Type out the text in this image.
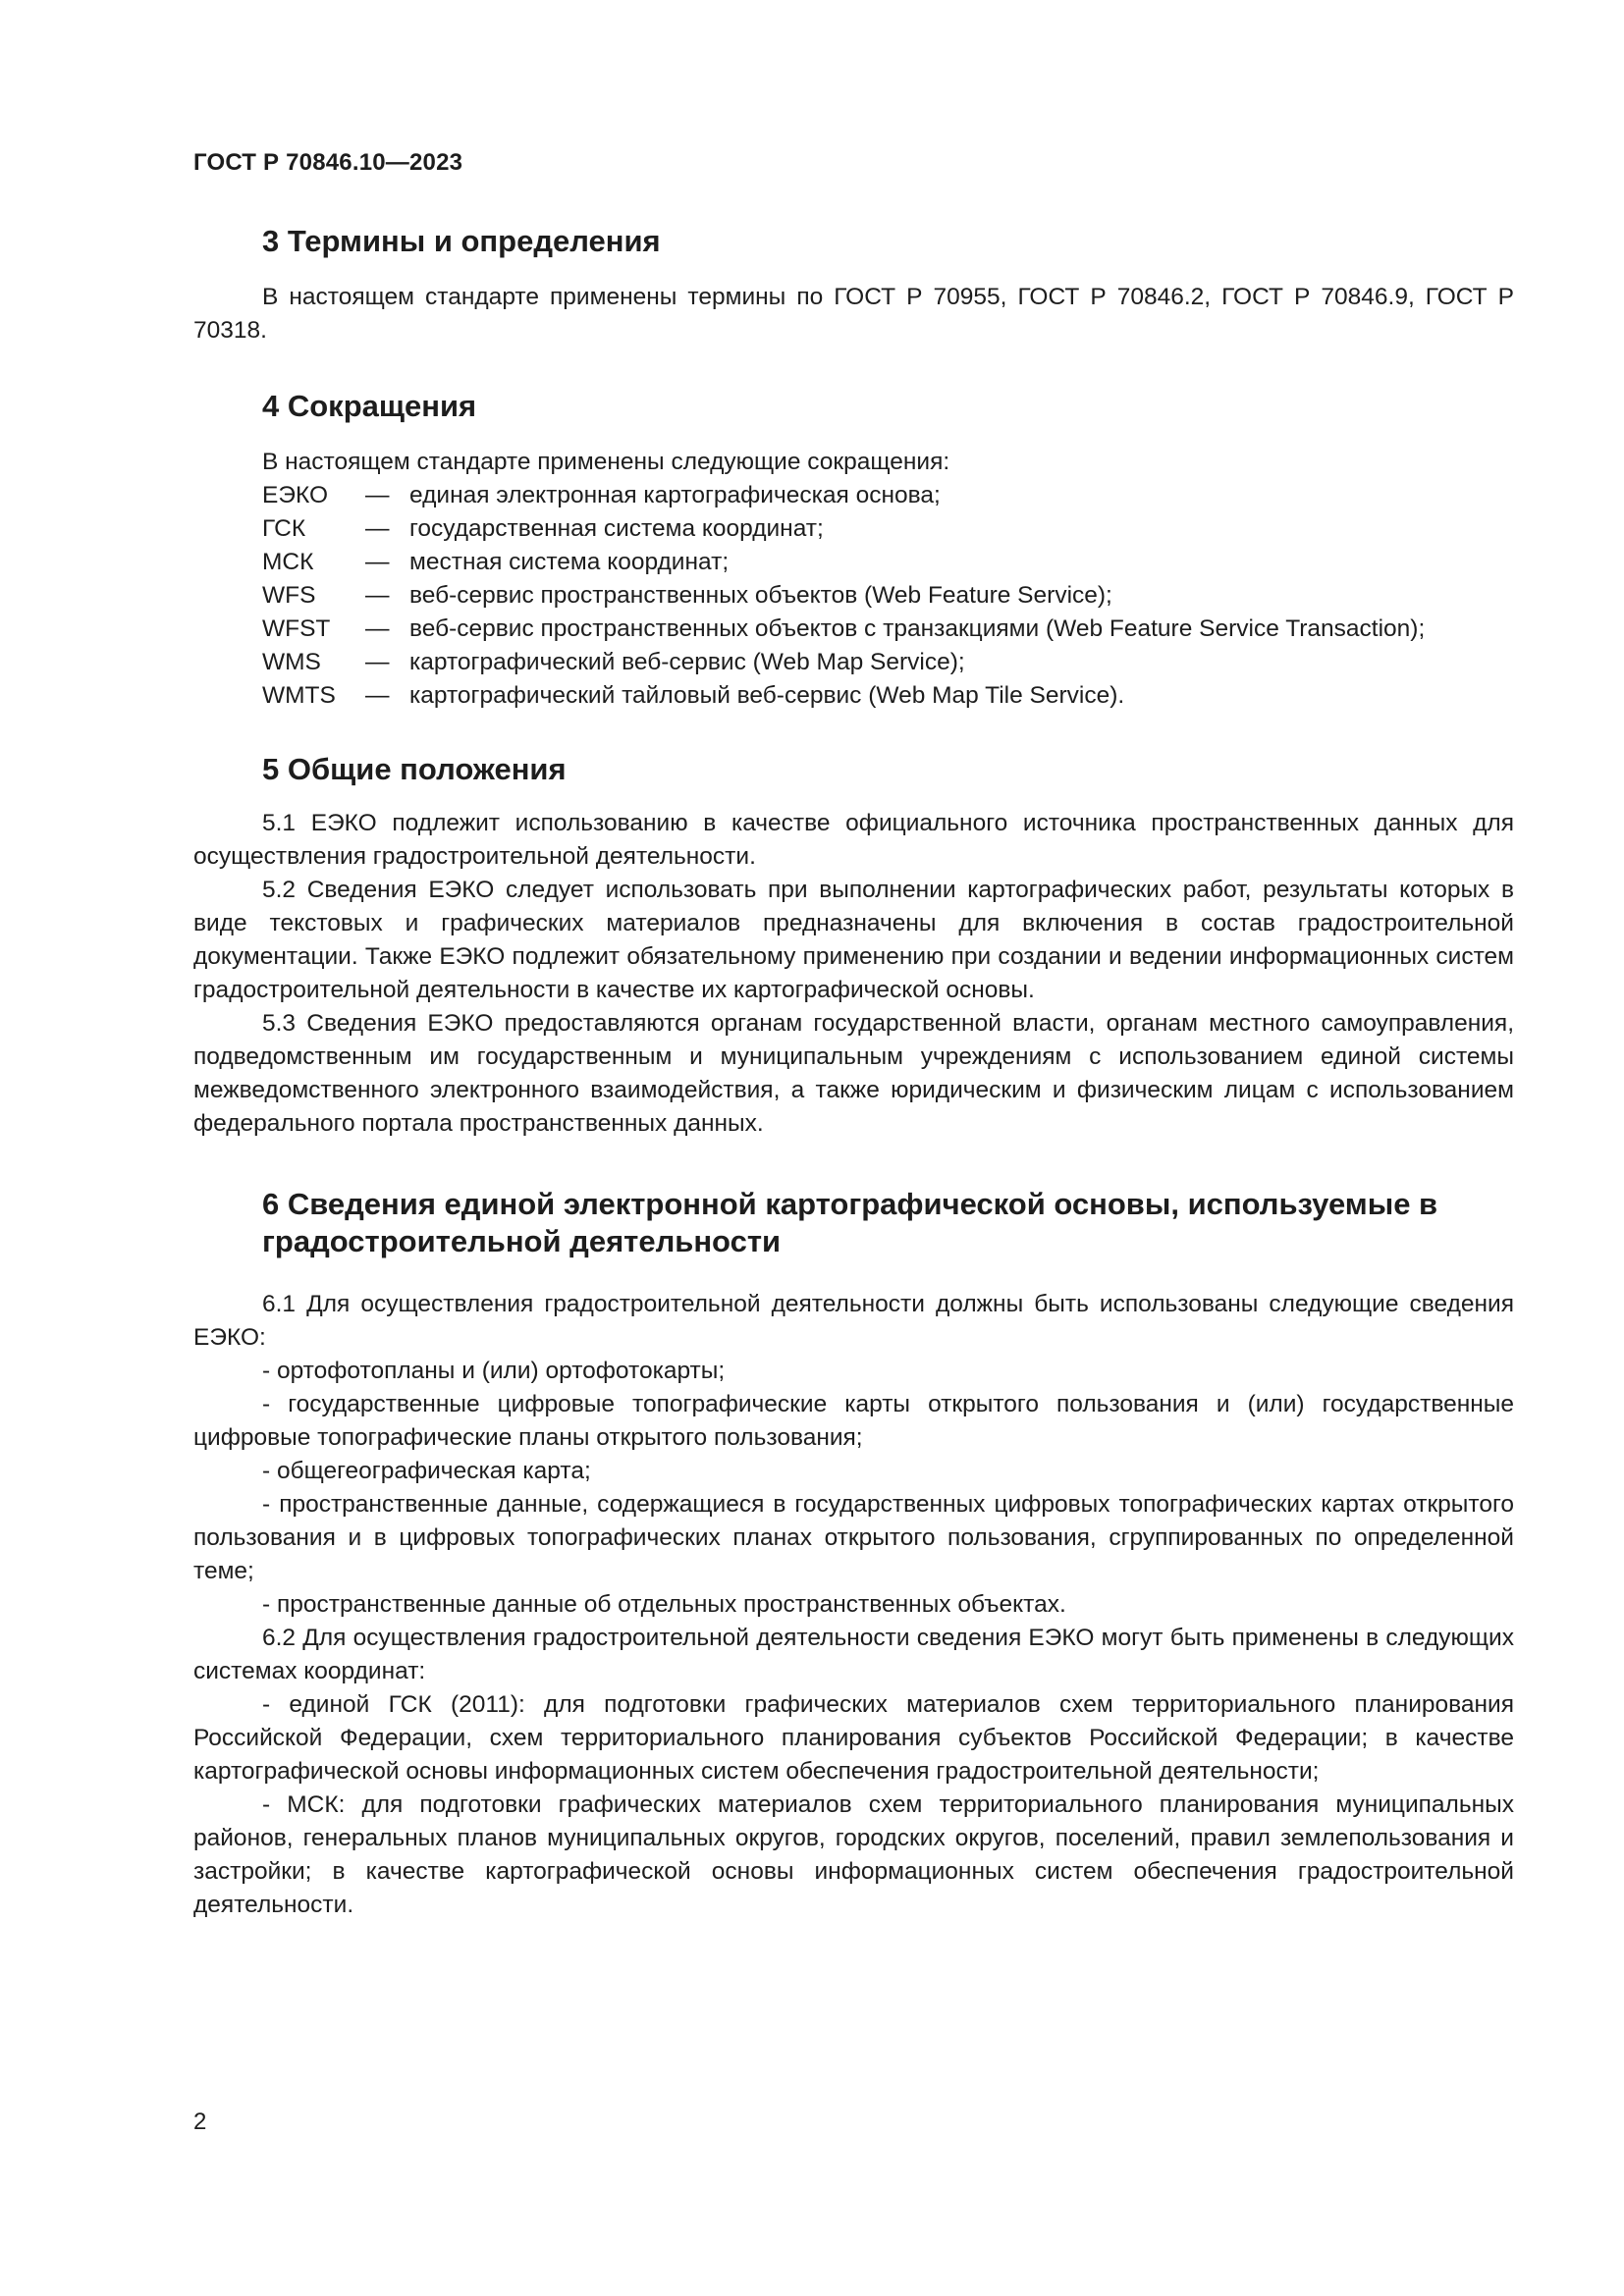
ГОСТ Р 70846.10—2023
3 Термины и определения

В настоящем стандарте применены термины по ГОСТ Р 70955, ГОСТ Р 70846.2, ГОСТ Р 70846.9, ГОСТ Р 70318.

4 Сокращения

В настоящем стандарте применены следующие сокращения:

ЕЭКО	—	единая электронная картографическая основа;
ГСК	—	государственная система координат;
МСК	—	местная система координат;
WFS	—	веб-сервис пространственных объектов (Web Feature Service);
WFST	—	веб-сервис пространственных объектов с транзакциями (Web Feature Service Transaction);
WMS	—	картографический веб-сервис (Web Map Service);
WMTS	—	картографический тайловый веб-сервис (Web Map Tile Service).
5 Общие положения

5.1 ЕЭКО подлежит использованию в качестве официального источника пространственных данных для осуществления градостроительной деятельности.

5.2 Сведения ЕЭКО следует использовать при выполнении картографических работ, результаты которых в виде текстовых и графических материалов предназначены для включения в состав градостроительной документации. Также ЕЭКО подлежит обязательному применению при создании и ведении информационных систем градостроительной деятельности в качестве их картографической основы.

5.3 Сведения ЕЭКО предоставляются органам государственной власти, органам местного самоуправления, подведомственным им государственным и муниципальным учреждениям с использованием единой системы межведомственного электронного взаимодействия, а также юридическим и физическим лицам с использованием федерального портала пространственных данных.

6 Сведения единой электронной картографической основы, используемые в градостроительной деятельности

6.1 Для осуществления градостроительной деятельности должны быть использованы следующие сведения ЕЭКО:

- ортофотопланы и (или) ортофотокарты;

- государственные цифровые топографические карты открытого пользования и (или) государственные цифровые топографические планы открытого пользования;

- общегеографическая карта;

- пространственные данные, содержащиеся в государственных цифровых топографических картах открытого пользования и в цифровых топографических планах открытого пользования, сгруппированных по определенной теме;

- пространственные данные об отдельных пространственных объектах.

6.2 Для осуществления градостроительной деятельности сведения ЕЭКО могут быть применены в следующих системах координат:

- единой ГСК (2011): для подготовки графических материалов схем территориального планирования Российской Федерации, схем территориального планирования субъектов Российской Федерации; в качестве картографической основы информационных систем обеспечения градостроительной деятельности;

- МСК: для подготовки графических материалов схем территориального планирования муниципальных районов, генеральных планов муниципальных округов, городских округов, поселений, правил землепользования и застройки; в качестве картографической основы информационных систем обеспечения градостроительной деятельности.

2
